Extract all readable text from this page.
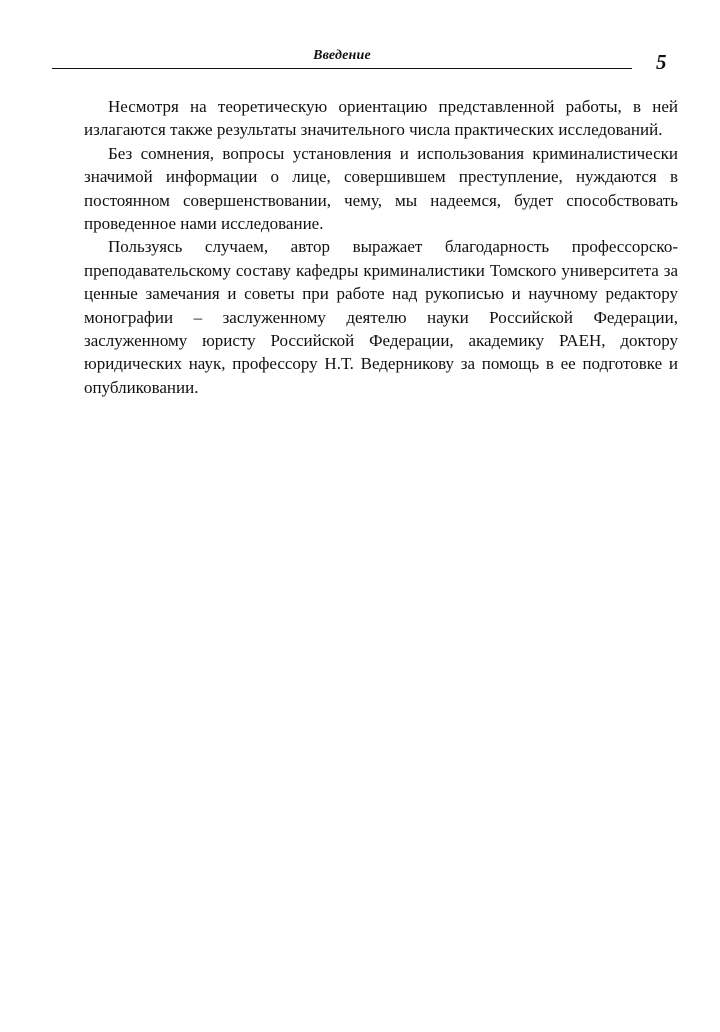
Введение	5

Несмотря на теоретическую ориентацию представленной работы, в ней излагаются также результаты значительного числа практических исследований.

Без сомнения, вопросы установления и использования криминалистически значимой информации о лице, совершившем преступление, нуждаются в постоянном совершенствовании, чему, мы надеемся, будет способствовать проведенное нами исследование.

Пользуясь случаем, автор выражает благодарность профессорско-преподавательскому составу кафедры криминалистики Томского университета за ценные замечания и советы при работе над рукописью и научному редактору монографии – заслуженному деятелю науки Российской Федерации, заслуженному юристу Российской Федерации, академику РАЕН, доктору юридических наук, профессору Н.Т. Ведерникову за помощь в ее подготовке и опубликовании.
